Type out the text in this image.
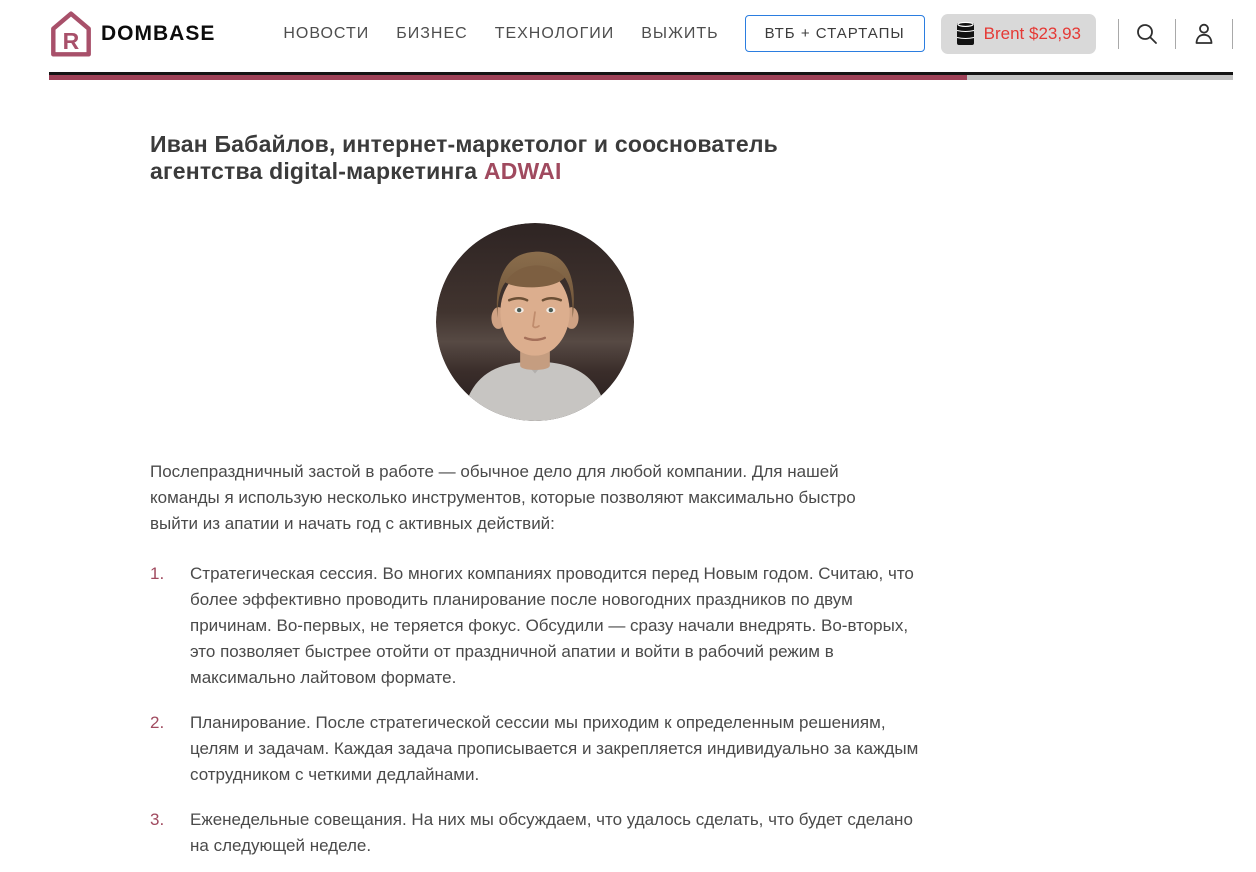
R DOMBASE	НОВОСТИ БИЗНЕС ТЕХНОЛОГИИ ВЫЖИТЬ	ВТБ + СТАРТАПЫ	Brent $23,93
Иван Бабайлов, интернет-маркетолог и сооснователь агентства digital-маркетинга ADWAI

Послепраздничный застой в работе — обычное дело для любой компании. Для нашей команды я использую несколько инструментов, которые позволяют максимально быстро выйти из апатии и начать год с активных действий:

1.	Стратегическая сессия. Во многих компаниях проводится перед Новым годом. Считаю, что более эффективно проводить планирование после новогодних праздников по двум причинам. Во-первых, не теряется фокус. Обсудили — сразу начали внедрять. Во-вторых, это позволяет быстрее отойти от праздничной апатии и войти в рабочий режим в максимально лайтовом формате.
2.	Планирование. После стратегической сессии мы приходим к определенным решениям, целям и задачам. Каждая задача прописывается и закрепляется индивидуально за каждым сотрудником с четкими дедлайнами.
3.	Еженедельные совещания. На них мы обсуждаем, что удалось сделать, что будет сделано на следующей неделе.
